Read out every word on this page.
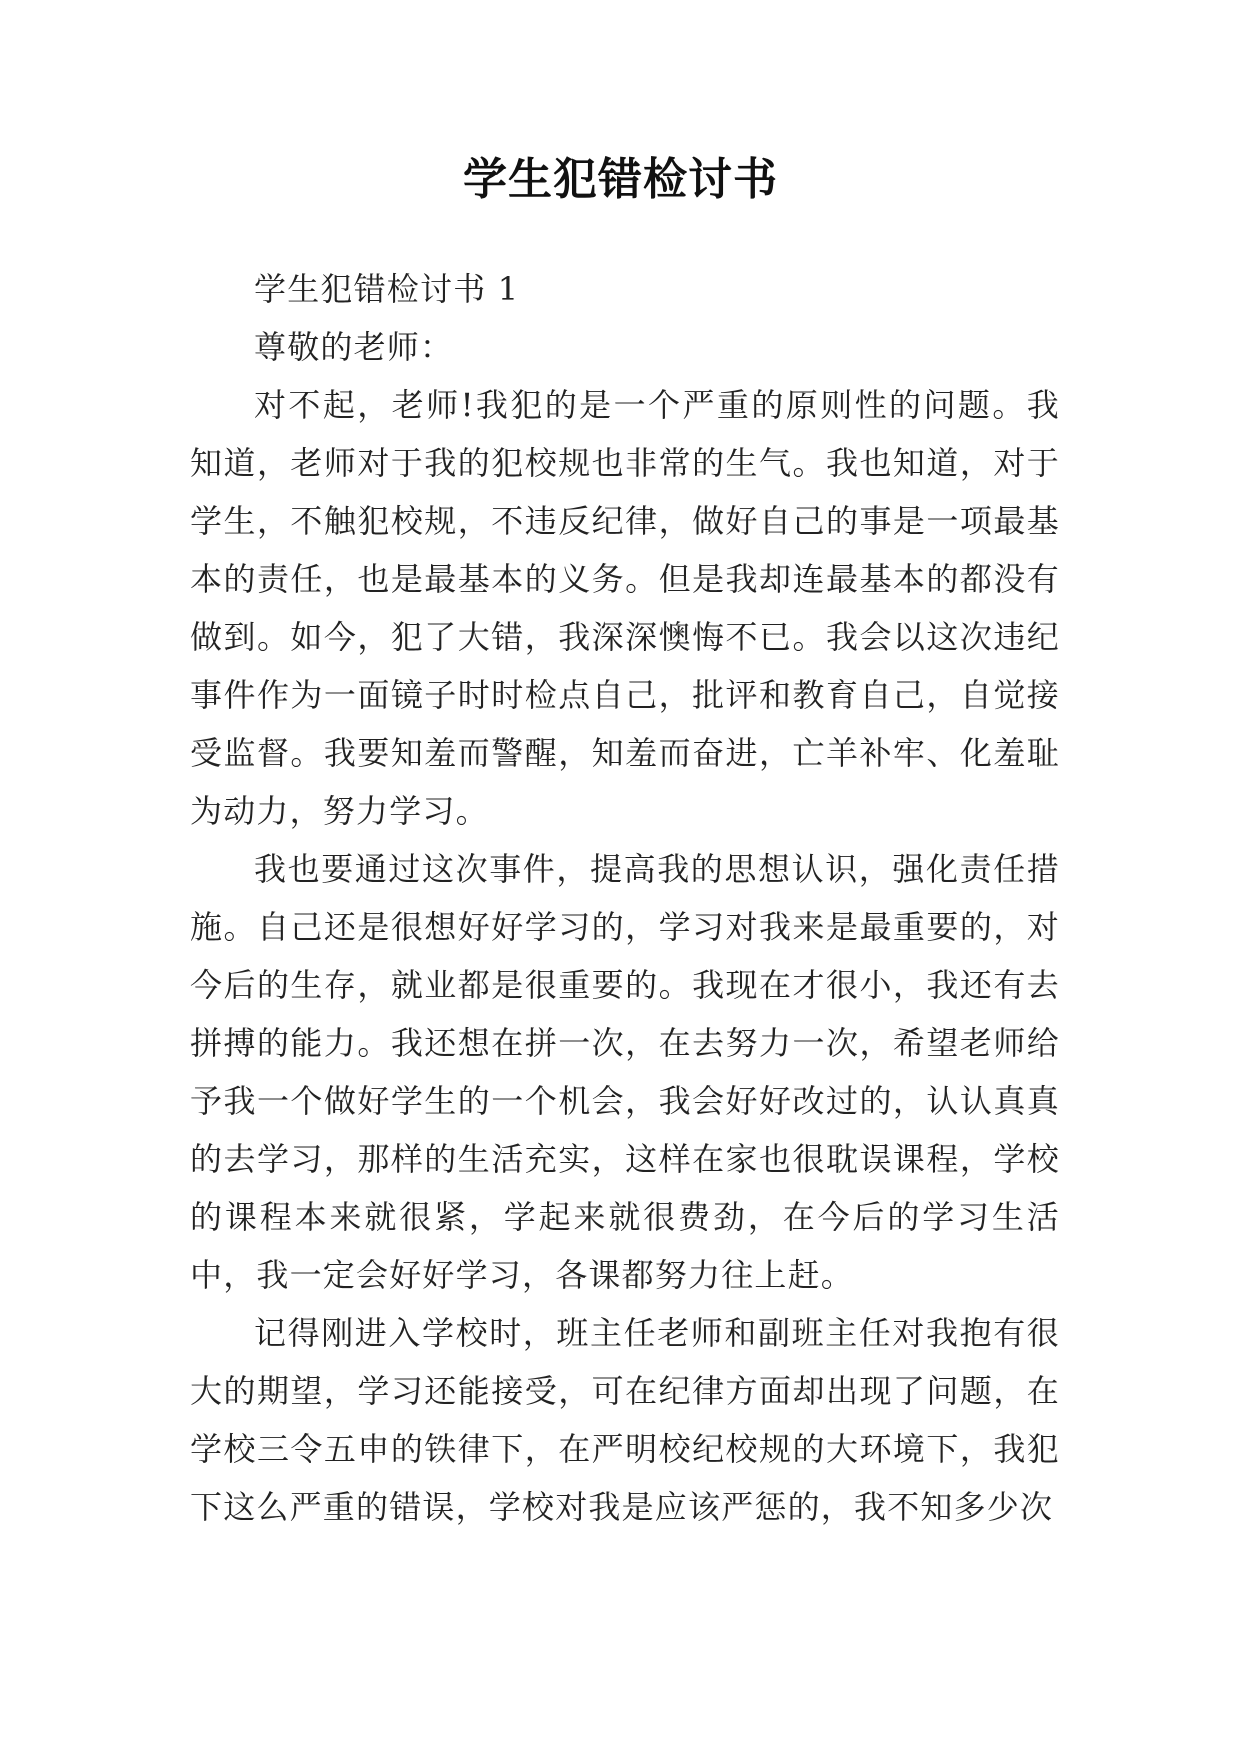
学生犯错检讨书

学生犯错检讨书 1

尊敬的老师：

对不起，老师!我犯的是一个严重的原则性的问题。我知道，老师对于我的犯校规也非常的生气。我也知道，对于学生，不触犯校规，不违反纪律，做好自己的事是一项最基本的责任，也是最基本的义务。但是我却连最基本的都没有做到。如今，犯了大错，我深深懊悔不已。我会以这次违纪事件作为一面镜子时时检点自己，批评和教育自己，自觉接受监督。我要知羞而警醒，知羞而奋进，亡羊补牢、化羞耻为动力，努力学习。

我也要通过这次事件，提高我的思想认识，强化责任措施。自己还是很想好好学习的，学习对我来是最重要的，对今后的生存，就业都是很重要的。我现在才很小，我还有去拼搏的能力。我还想在拼一次，在去努力一次，希望老师给予我一个做好学生的一个机会，我会好好改过的，认认真真的去学习，那样的生活充实，这样在家也很耽误课程，学校的课程本来就很紧，学起来就很费劲，在今后的学习生活中，我一定会好好学习，各课都努力往上赶。

记得刚进入学校时，班主任老师和副班主任对我抱有很大的期望，学习还能接受，可在纪律方面却出现了问题，在学校三令五申的铁律下，在严明校纪校规的大环境下，我犯下这么严重的错误，学校对我是应该严惩的，我不知多少次
